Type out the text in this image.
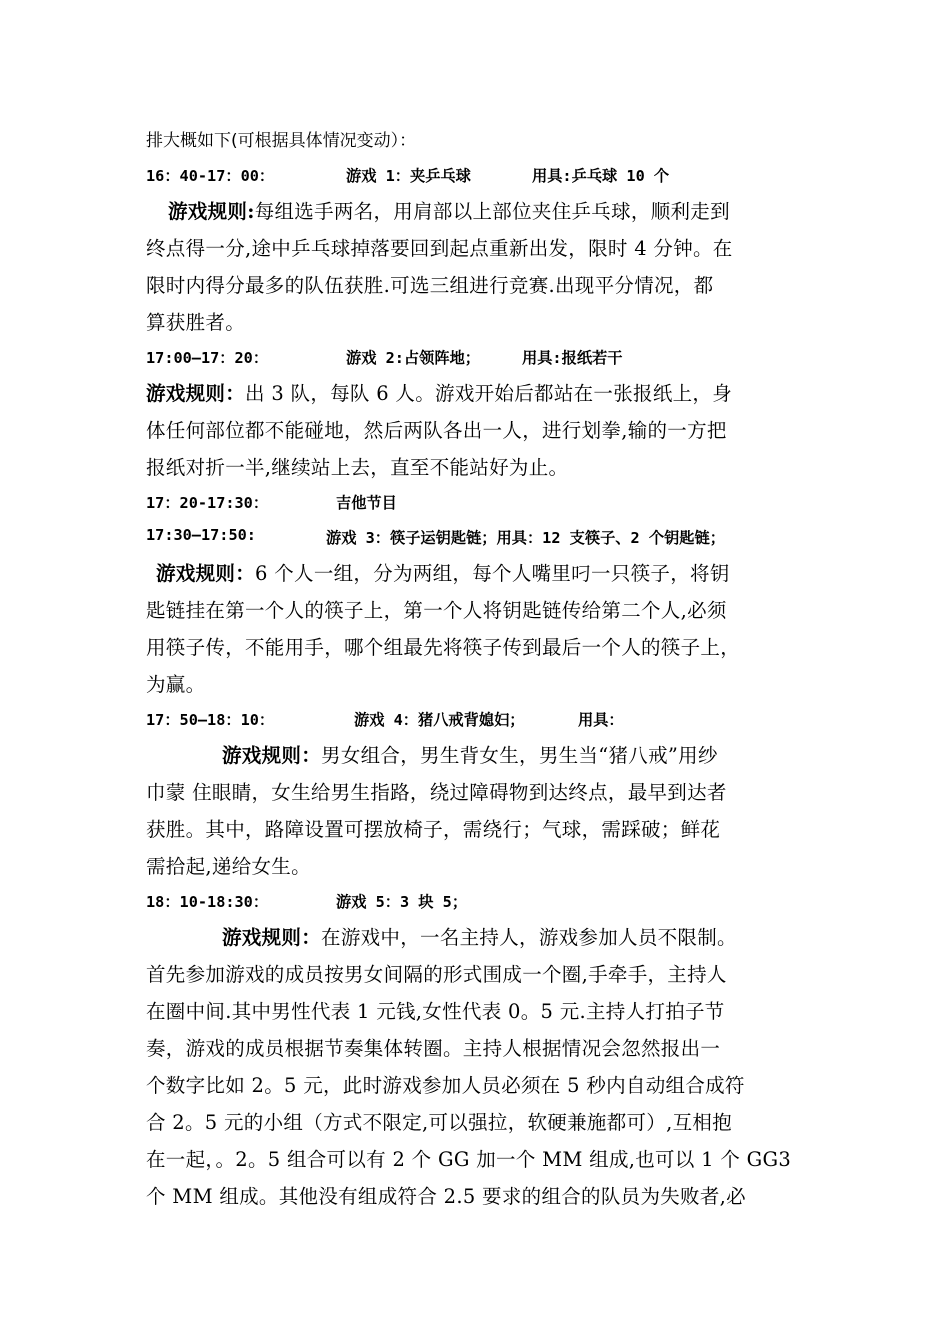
排大概如下(可根据具体情况变动）：
16：40-17：00：	游戏 1：夹乒乓球	用具:乒乓球 10 个
游戏规则:每组选手两名，用肩部以上部位夹住乒乓球，顺利走到
终点得一分,途中乒乓球掉落要回到起点重新出发，限时 4 分钟。在
限时内得分最多的队伍获胜.可选三组进行竞赛.出现平分情况，都
算获胜者。
17:00—17：20：	游戏 2:占领阵地；	用具:报纸若干
游戏规则：出 3 队，每队 6 人。游戏开始后都站在一张报纸上，身
体任何部位都不能碰地，然后两队各出一人，进行划拳,输的一方把
报纸对折一半,继续站上去，直至不能站好为止。
17：20-17:30：	吉他节目
17:30—17:50:	游戏 3：筷子运钥匙链；用具：12 支筷子、2 个钥匙链；
游戏规则：6 个人一组，分为两组，每个人嘴里叼一只筷子，将钥
匙链挂在第一个人的筷子上，第一个人将钥匙链传给第二个人,必须
用筷子传，不能用手，哪个组最先将筷子传到最后一个人的筷子上，
为赢。
17：50—18：10：	游戏 4：猪八戒背媳妇；	用具：
游戏规则：男女组合，男生背女生，男生当“猪八戒”用纱
巾蒙 住眼睛，女生给男生指路，绕过障碍物到达终点，最早到达者
获胜。其中，路障设置可摆放椅子，需绕行；气球，需踩破；鲜花
需拾起,递给女生。
18：10-18:30：	游戏 5：3 块 5；
游戏规则：在游戏中，一名主持人，游戏参加人员不限制。
首先参加游戏的成员按男女间隔的形式围成一个圈,手牵手，主持人
在圈中间.其中男性代表 1 元钱,女性代表 0。5 元.主持人打拍子节
奏，游戏的成员根据节奏集体转圈。主持人根据情况会忽然报出一
个数字比如 2。5 元，此时游戏参加人员必须在 5 秒内自动组合成符
合 2。5 元的小组（方式不限定,可以强拉，软硬兼施都可）,互相抱
在一起，。2。5 组合可以有 2 个 GG 加一个 MM 组成,也可以 1 个 GG3
个 MM 组成。其他没有组成符合 2.5 要求的组合的队员为失败者,必
